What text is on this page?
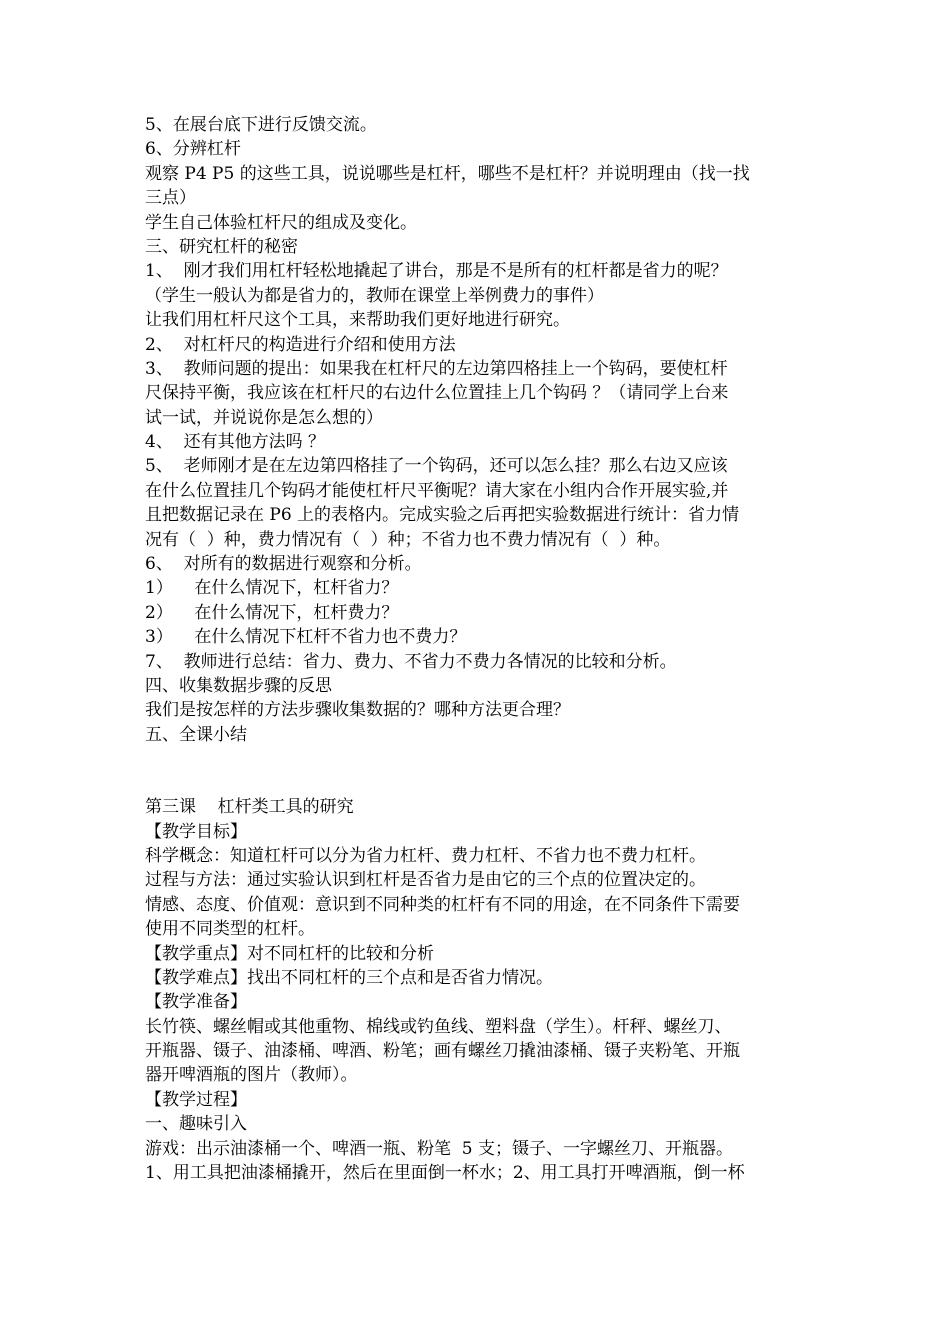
5、在展台底下进行反馈交流。
6、分辨杠杆
观察 P4 P5 的这些工具，说说哪些是杠杆，哪些不是杠杆？并说明理由（找一找
三点）
学生自己体验杠杆尺的组成及变化。
三、研究杠杆的秘密
1、  刚才我们用杠杆轻松地撬起了讲台，那是不是所有的杠杆都是省力的呢？
（学生一般认为都是省力的，教师在课堂上举例费力的事件）
让我们用杠杆尺这个工具，来帮助我们更好地进行研究。
2、  对杠杆尺的构造进行介绍和使用方法
3、  教师问题的提出：如果我在杠杆尺的左边第四格挂上一个钩码，要使杠杆
尺保持平衡，我应该在杠杆尺的右边什么位置挂上几个钩码 ？（请同学上台来
试一试，并说说你是怎么想的）
4、  还有其他方法吗 ？
5、  老师刚才是在左边第四格挂了一个钩码，还可以怎么挂？那么右边又应该
在什么位置挂几个钩码才能使杠杆尺平衡呢？请大家在小组内合作开展实验,并
且把数据记录在 P6 上的表格内。完成实验之后再把实验数据进行统计：省力情
况有（  ）种，费力情况有（  ）种；不省力也不费力情况有（  ）种。
6、  对所有的数据进行观察和分析。
1）    在什么情况下，杠杆省力？
2）    在什么情况下，杠杆费力？
3）    在什么情况下杠杆不省力也不费力？
7、  教师进行总结：省力、费力、不省力不费力各情况的比较和分析。
四、收集数据步骤的反思
我们是按怎样的方法步骤收集数据的？哪种方法更合理？
五、全课小结
第三课    杠杆类工具的研究
【教学目标】
科学概念：知道杠杆可以分为省力杠杆、费力杠杆、不省力也不费力杠杆。
过程与方法：通过实验认识到杠杆是否省力是由它的三个点的位置决定的。
情感、态度、价值观：意识到不同种类的杠杆有不同的用途，在不同条件下需要
使用不同类型的杠杆。
【教学重点】对不同杠杆的比较和分析
【教学难点】找出不同杠杆的三个点和是否省力情况。
【教学准备】
长竹筷、螺丝帽或其他重物、棉线或钓鱼线、塑料盘（学生）。杆秤、螺丝刀、
开瓶器、镊子、油漆桶、啤酒、粉笔；画有螺丝刀撬油漆桶、镊子夹粉笔、开瓶
器开啤酒瓶的图片（教师）。
【教学过程】
一、趣味引入
游戏：出示油漆桶一个、啤酒一瓶、粉笔  5 支；镊子、一字螺丝刀、开瓶器。
1、用工具把油漆桶撬开，然后在里面倒一杯水；2、用工具打开啤酒瓶，倒一杯
